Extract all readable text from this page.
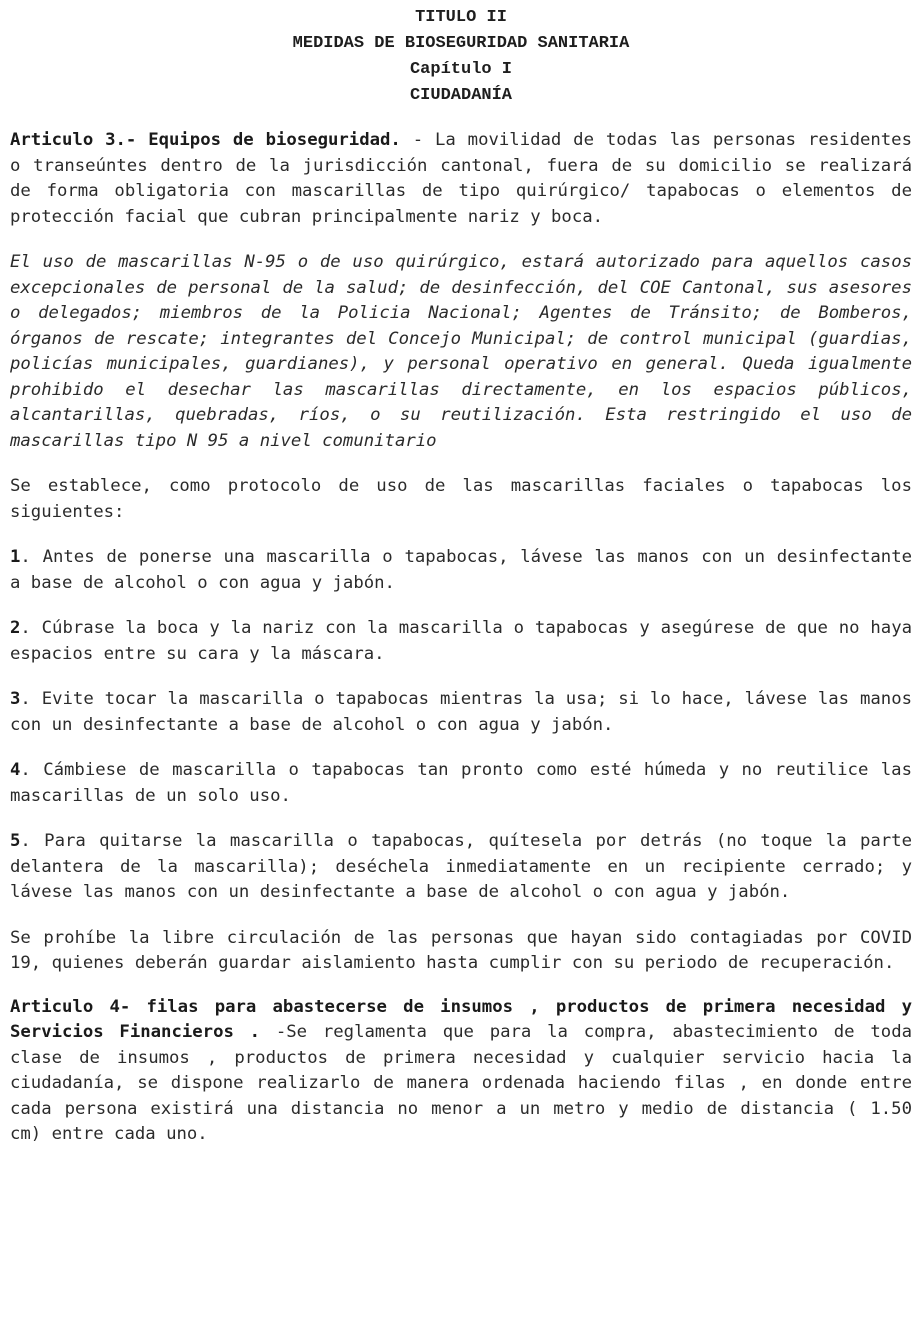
TITULO II
MEDIDAS DE BIOSEGURIDAD SANITARIA
Capítulo I
CIUDADANÍA

Articulo 3.- Equipos de bioseguridad. - La movilidad de todas las personas residentes o transeúntes dentro de la jurisdicción cantonal, fuera de su domicilio se realizará de forma obligatoria con mascarillas de tipo quirúrgico/ tapabocas o elementos de protección facial que cubran principalmente nariz y boca.

El uso de mascarillas N-95 o de uso quirúrgico, estará autorizado para aquellos casos excepcionales de personal de la salud; de desinfección, del COE Cantonal, sus asesores o delegados; miembros de la Policia Nacional; Agentes de Tránsito; de Bomberos, órganos de rescate; integrantes del Concejo Municipal; de control municipal (guardias, policías municipales, guardianes), y personal operativo en general. Queda igualmente prohibido el desechar las mascarillas directamente, en los espacios públicos, alcantarillas, quebradas, ríos, o su reutilización. Esta restringido el uso de mascarillas tipo N 95 a nivel comunitario

Se establece, como protocolo de uso de las mascarillas faciales o tapabocas los siguientes:

1. Antes de ponerse una mascarilla o tapabocas, lávese las manos con un desinfectante a base de alcohol o con agua y jabón.

2. Cúbrase la boca y la nariz con la mascarilla o tapabocas y asegúrese de que no haya espacios entre su cara y la máscara.

3. Evite tocar la mascarilla o tapabocas mientras la usa; si lo hace, lávese las manos con un desinfectante a base de alcohol o con agua y jabón.

4. Cámbiese de mascarilla o tapabocas tan pronto como esté húmeda y no reutilice las mascarillas de un solo uso.

5. Para quitarse la mascarilla o tapabocas, quítesela por detrás (no toque la parte delantera de la mascarilla); deséchela inmediatamente en un recipiente cerrado; y lávese las manos con un desinfectante a base de alcohol o con agua y jabón.

Se prohíbe la libre circulación de las personas que hayan sido contagiadas por COVID 19, quienes deberán guardar aislamiento hasta cumplir con su periodo de recuperación.

Articulo 4- filas para abastecerse de insumos , productos de primera necesidad y Servicios Financieros . -Se reglamenta que para la compra, abastecimiento de toda clase de insumos , productos de primera necesidad y cualquier servicio hacia la ciudadanía, se dispone realizarlo de manera ordenada haciendo filas , en donde entre cada persona existirá una distancia no menor a un metro y medio de distancia ( 1.50 cm) entre cada uno.
